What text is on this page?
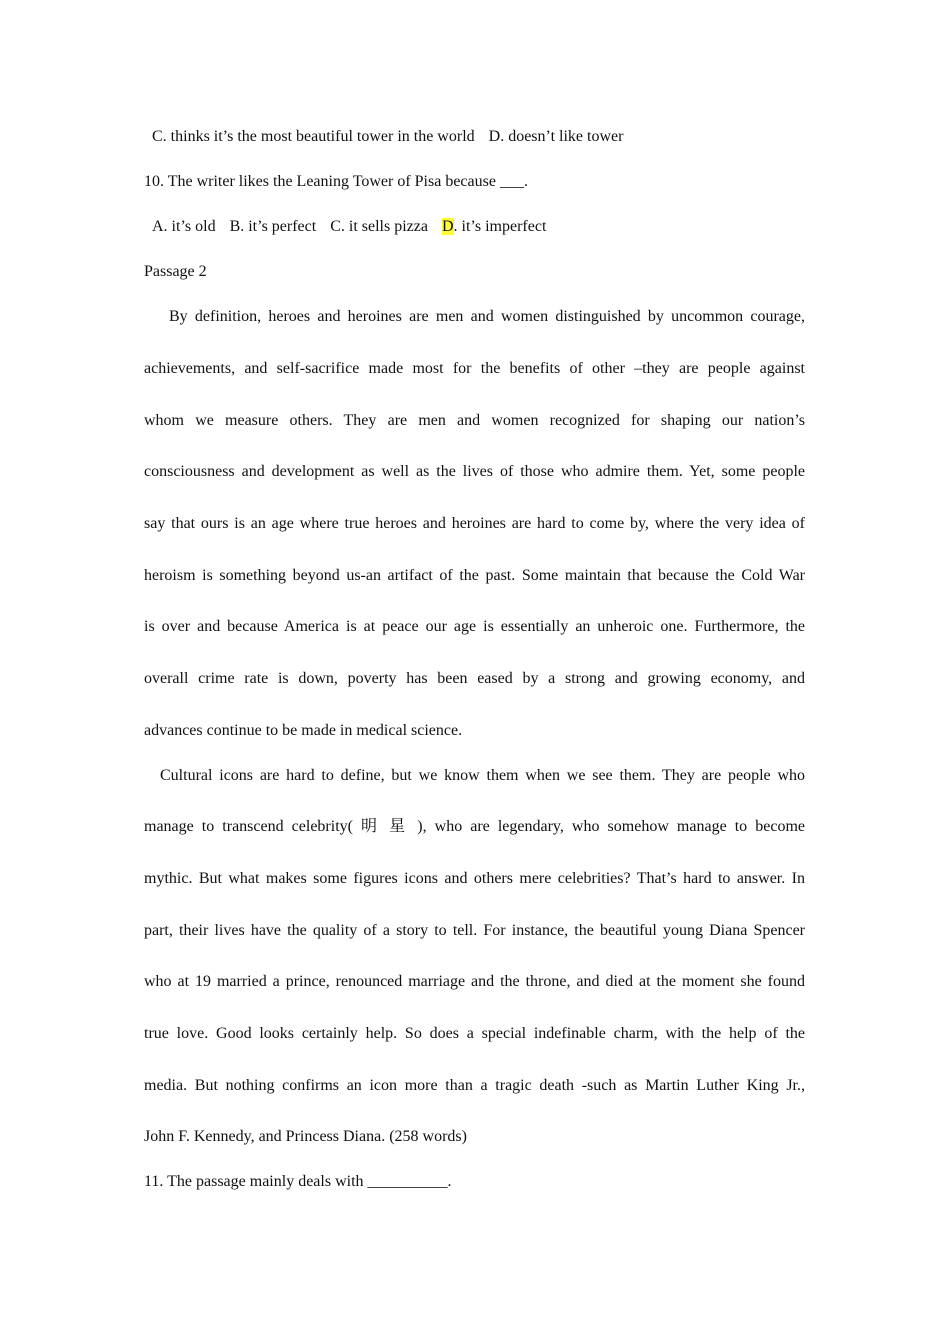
C. thinks it’s the most beautiful tower in the world D. doesn’t like tower
10. The writer likes the Leaning Tower of Pisa because ___.
A. it’s old B. it’s perfect C. it sells pizza D. it’s imperfect
Passage 2
By definition, heroes and heroines are men and women distinguished by uncommon courage,
achievements, and self-sacrifice made most for the benefits of other –they are people against
whom we measure others. They are men and women recognized for shaping our nation’s
consciousness and development as well as the lives of those who admire them. Yet, some people
say that ours is an age where true heroes and heroines are hard to come by, where the very idea of
heroism is something beyond us-an artifact of the past. Some maintain that because the Cold War
is over and because America is at peace our age is essentially an unheroic one. Furthermore, the
overall crime rate is down, poverty has been eased by a strong and growing economy, and
advances continue to be made in medical science.
Cultural icons are hard to define, but we know them when we see them. They are people who
manage to transcend celebrity( 明 星 ), who are legendary, who somehow manage to become
mythic. But what makes some figures icons and others mere celebrities? That’s hard to answer. In
part, their lives have the quality of a story to tell. For instance, the beautiful young Diana Spencer
who at 19 married a prince, renounced marriage and the throne, and died at the moment she found
true love. Good looks certainly help. So does a special indefinable charm, with the help of the
media. But nothing confirms an icon more than a tragic death -such as Martin Luther King Jr.,
John F. Kennedy, and Princess Diana. (258 words)
11. The passage mainly deals with __________.
